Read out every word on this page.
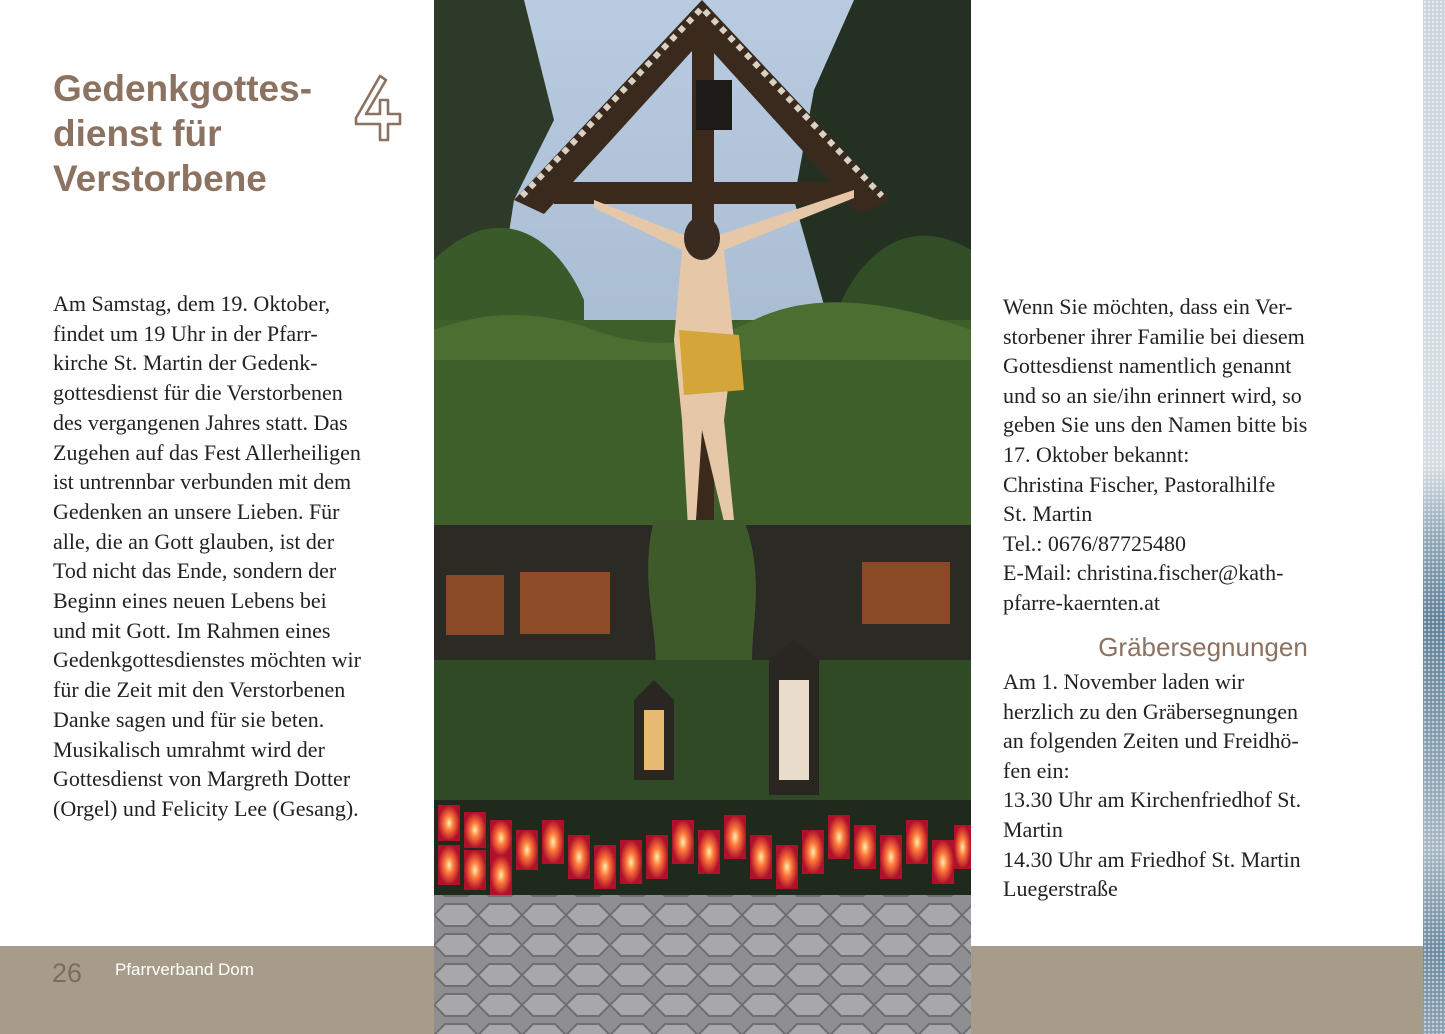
Gedenkgottes-
dienst für
Verstorbene
Am Samstag, dem 19. Oktober,
findet um 19 Uhr in der Pfarr-
kirche St. Martin der Gedenk-
gottesdienst für die Verstorbenen
des vergangenen Jahres statt. Das
Zugehen auf das Fest Allerheiligen
ist untrennbar verbunden mit dem
Gedenken an unsere Lieben. Für
alle, die an Gott glauben, ist der
Tod nicht das Ende, sondern der
Beginn eines neuen Lebens bei
und mit Gott. Im Rahmen eines
Gedenkgottesdienstes möchten wir
für die Zeit mit den Verstorbenen
Danke sagen und für sie beten.
Musikalisch umrahmt wird der
Gottesdienst von Margreth Dotter
(Orgel) und Felicity Lee (Gesang).
26 Pfarrverband Dom
Wenn Sie möchten, dass ein Ver-
storbener ihrer Familie bei diesem
Gottesdienst namentlich genannt
und so an sie/ihn erinnert wird, so
geben Sie uns den Namen bitte bis
17. Oktober bekannt:
Christina Fischer, Pastoralhilfe
St. Martin
Tel.: 0676/87725480
E-Mail: christina.fischer@kath-
pfarre-kaernten.at
Gräbersegnungen
Am 1. November laden wir
herzlich zu den Gräbersegnungen
an folgenden Zeiten und Freidhö-
fen ein:
13.30 Uhr am Kirchenfriedhof St.
Martin
14.30 Uhr am Friedhof St. Martin
Luegerstraße
